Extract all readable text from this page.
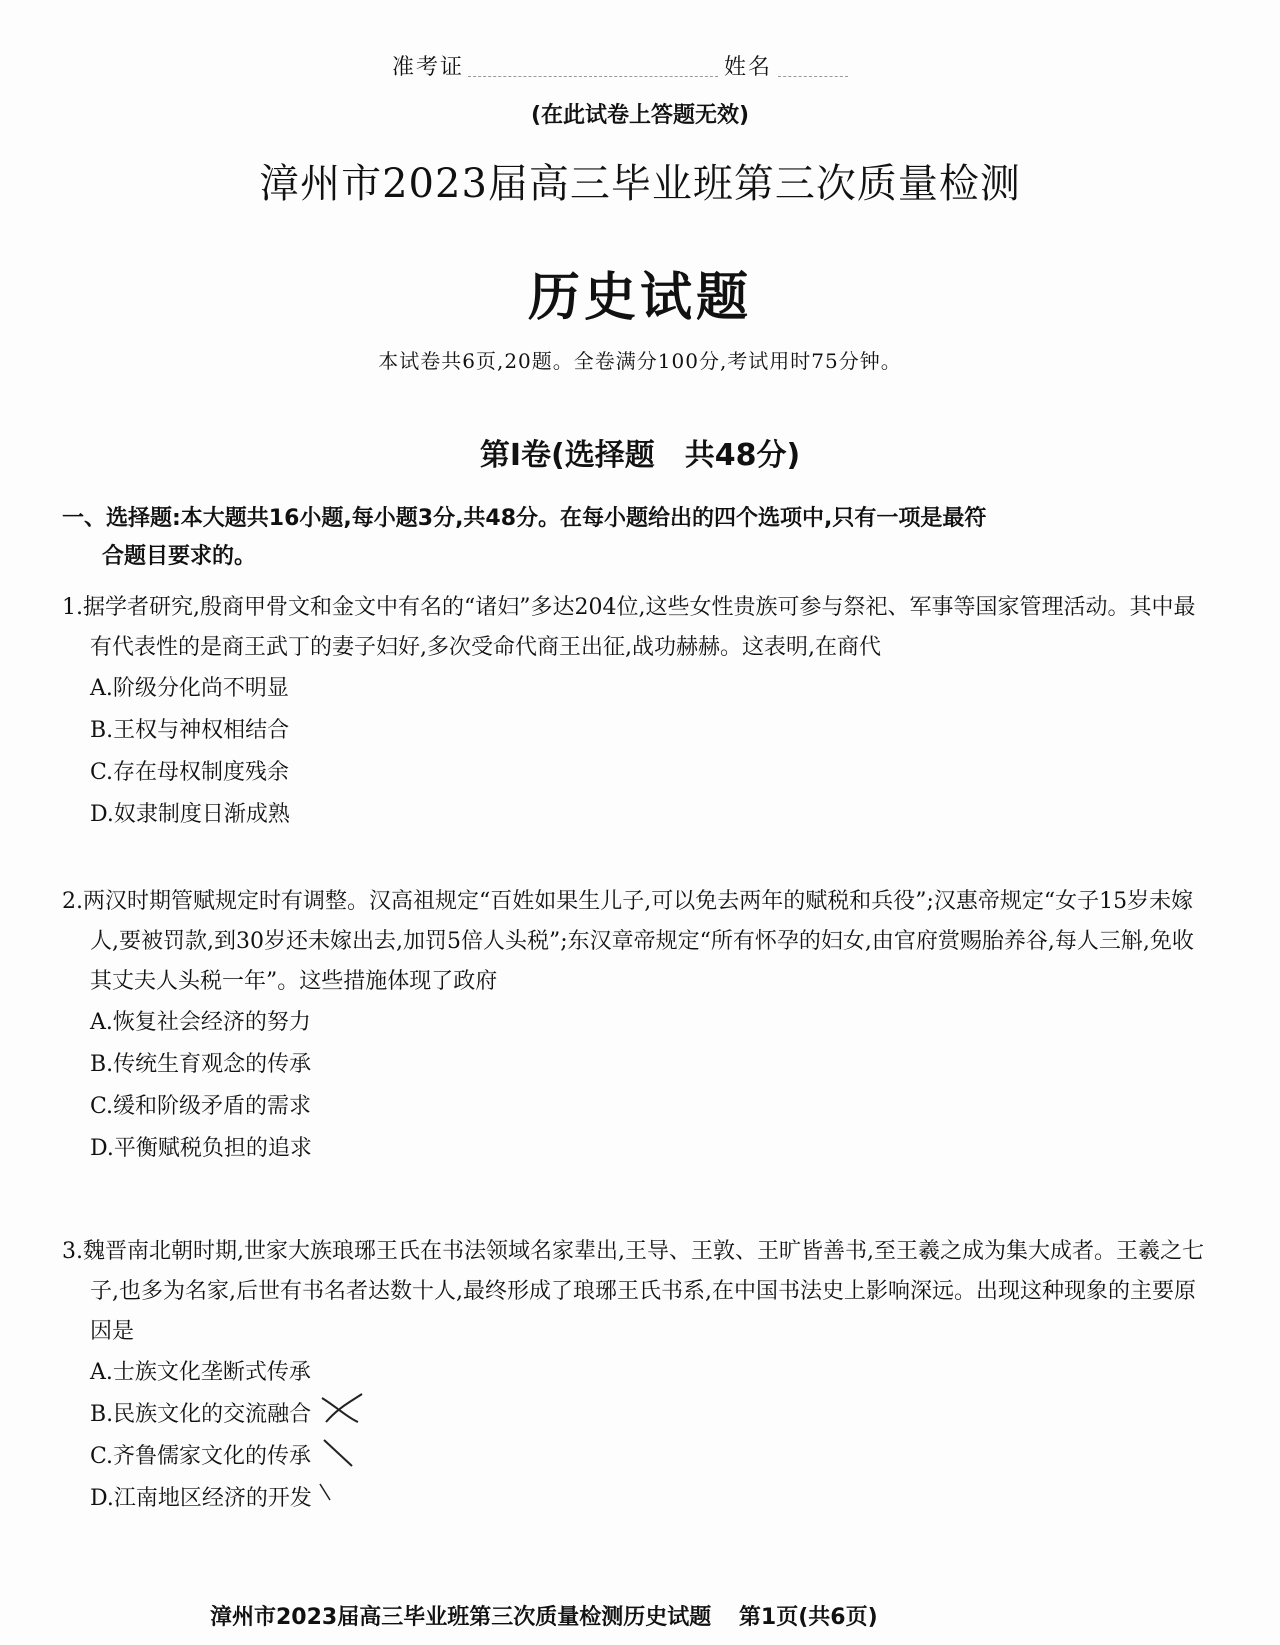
准考证	姓名
(在此试卷上答题无效)
漳州市2023届高三毕业班第三次质量检测
历史试题
本试卷共6页,20题。全卷满分100分,考试用时75分钟。
第Ⅰ卷(选择题　共48分)
一、选择题:本大题共16小题,每小题3分,共48分。在每小题给出的四个选项中,只有一项是最符
合题目要求的。
1.据学者研究,殷商甲骨文和金文中有名的“诸妇”多达204位,这些女性贵族可参与祭祀、军事等国家管理活动。其中最有代表性的是商王武丁的妻子妇好,多次受命代商王出征,战功赫赫。这表明,在商代
A.阶级分化尚不明显
B.王权与神权相结合
C.存在母权制度残余
D.奴隶制度日渐成熟
2.两汉时期管赋规定时有调整。汉高祖规定“百姓如果生儿子,可以免去两年的赋税和兵役”;汉惠帝规定“女子15岁未嫁人,要被罚款,到30岁还未嫁出去,加罚5倍人头税”;东汉章帝规定“所有怀孕的妇女,由官府赏赐胎养谷,每人三斛,免收其丈夫人头税一年”。这些措施体现了政府
A.恢复社会经济的努力
B.传统生育观念的传承
C.缓和阶级矛盾的需求
D.平衡赋税负担的追求
3.魏晋南北朝时期,世家大族琅琊王氏在书法领域名家辈出,王导、王敦、王旷皆善书,至王羲之成为集大成者。王羲之七子,也多为名家,后世有书名者达数十人,最终形成了琅琊王氏书系,在中国书法史上影响深远。出现这种现象的主要原因是
A.士族文化垄断式传承
B.民族文化的交流融合
C.齐鲁儒家文化的传承
D.江南地区经济的开发
漳州市2023届高三毕业班第三次质量检测历史试题 第1页(共6页)
